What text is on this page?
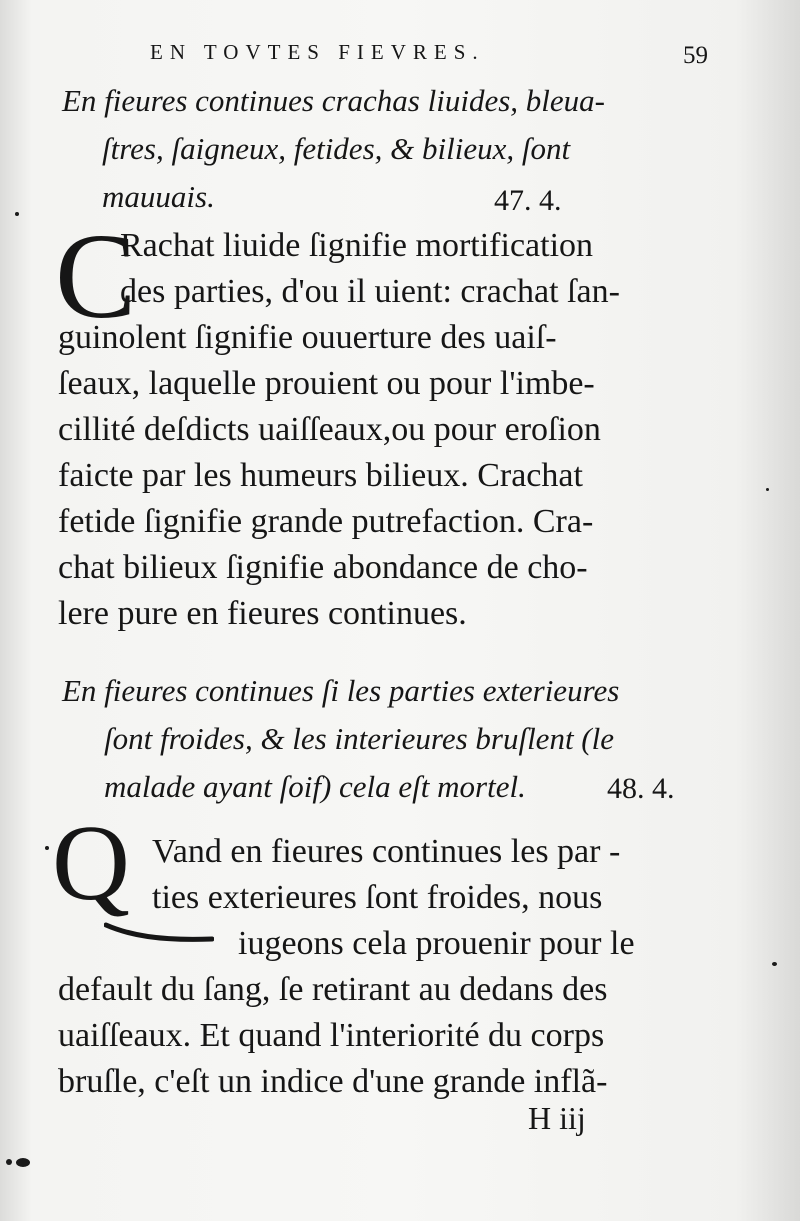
EN TOVTES FIEVRES.	59
En fieures continues crachas liuides, bleua-
ſtres, ſaigneux, fetides, & bilieux, ſont
mauuais.	47. 4.
C
Rachat liuide ſignifie mortification
des parties, d'ou il uient: crachat ſan-
guinolent ſignifie ouuerture des uaiſ-
ſeaux, laquelle prouient ou pour l'imbe-
cillité deſdicts uaiſſeaux,ou pour eroſion
faicte par les humeurs bilieux. Crachat
fetide ſignifie grande putrefaction. Cra-
chat bilieux ſignifie abondance de cho-
lere pure en fieures continues.
En fieures continues ſi les parties exterieures
ſont froides, & les interieures bruſlent (le
malade ayant ſoif) cela eſt mortel.	48. 4.
Q Vand en fieures continues les par -
ties exterieures ſont froides, nous
iugeons cela prouenir pour le
default du ſang, ſe retirant au dedans des
uaiſſeaux. Et quand l'interiorité du corps
bruſle, c'eſt un indice d'une grande inflã-
H iij
